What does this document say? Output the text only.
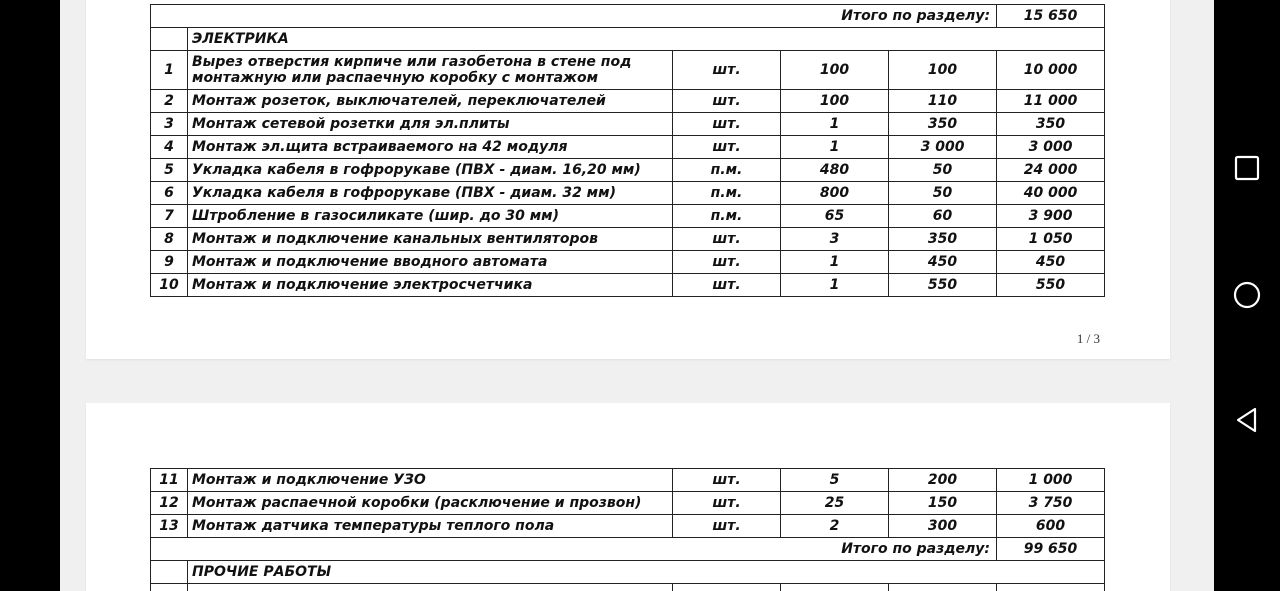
Итого по разделу:					15 650
	ЭЛЕКТРИКА				
1	Вырез отверстия кирпиче или газобетона в стене под монтажную или распаечную коробку с монтажом	шт.	100	100	10 000
2	Монтаж розеток, выключателей, переключателей	шт.	100	110	11 000
3	Монтаж сетевой розетки для эл.плиты	шт.	1	350	350
4	Монтаж эл.щита встраиваемого на 42 модуля	шт.	1	3 000	3 000
5	Укладка кабеля в гофрорукаве (ПВХ - диам. 16,20 мм)	п.м.	480	50	24 000
6	Укладка кабеля в гофрорукаве (ПВХ - диам. 32 мм)	п.м.	800	50	40 000
7	Штробление в газосиликате (шир. до 30 мм)	п.м.	65	60	3 900
8	Монтаж и подключение канальных вентиляторов	шт.	3	350	1 050
9	Монтаж и подключение вводного автомата	шт.	1	450	450
10	Монтаж и подключение электросчетчика	шт.	1	550	550
1 / 3
11	Монтаж и подключение УЗО	шт.	5	200	1 000
12	Монтаж распаечной коробки (расключение и прозвон)	шт.	25	150	3 750
13	Монтаж датчика температуры теплого пола	шт.	2	300	600
Итого по разделу:					99 650
	ПРОЧИЕ РАБОТЫ				
